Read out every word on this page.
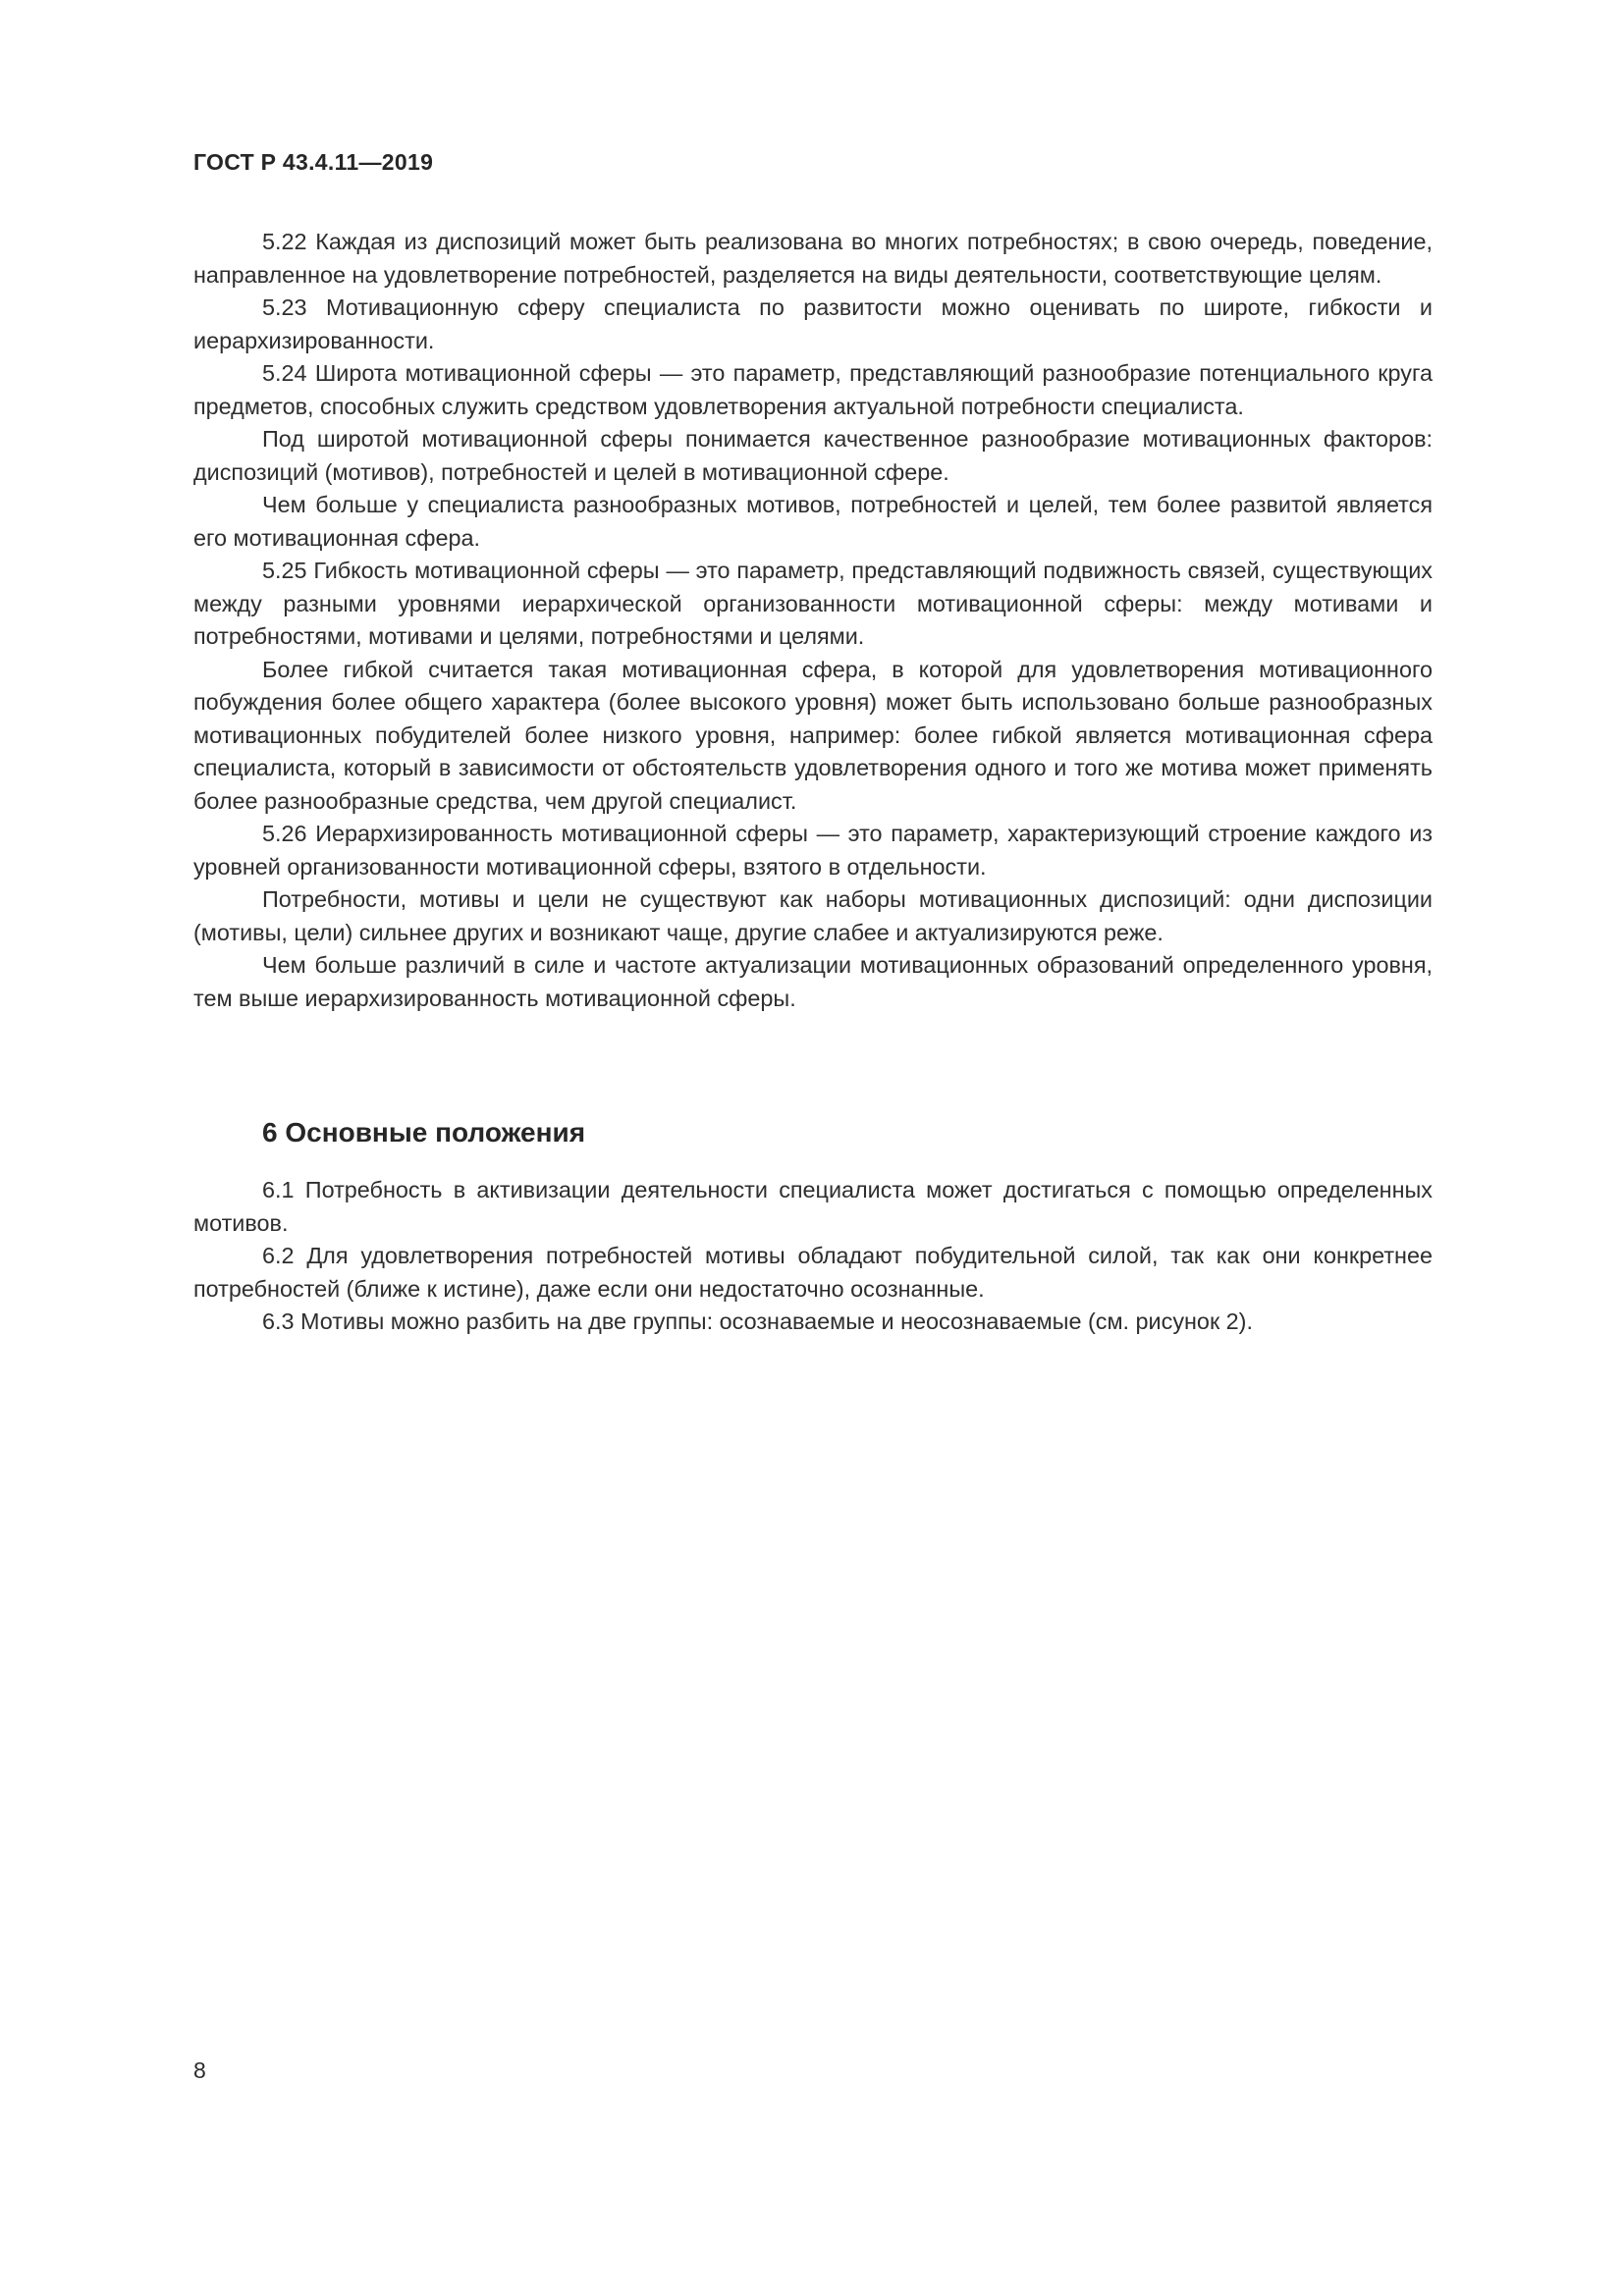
ГОСТ Р 43.4.11—2019

5.22 Каждая из диспозиций может быть реализована во многих потребностях; в свою очередь, поведение, направленное на удовлетворение потребностей, разделяется на виды деятельности, соответствующие целям.

5.23 Мотивационную сферу специалиста по развитости можно оценивать по широте, гибкости и иерархизированности.

5.24 Широта мотивационной сферы — это параметр, представляющий разнообразие потенциального круга предметов, способных служить средством удовлетворения актуальной потребности специалиста.

Под широтой мотивационной сферы понимается качественное разнообразие мотивационных факторов: диспозиций (мотивов), потребностей и целей в мотивационной сфере.

Чем больше у специалиста разнообразных мотивов, потребностей и целей, тем более развитой является его мотивационная сфера.

5.25 Гибкость мотивационной сферы — это параметр, представляющий подвижность связей, существующих между разными уровнями иерархической организованности мотивационной сферы: между мотивами и потребностями, мотивами и целями, потребностями и целями.

Более гибкой считается такая мотивационная сфера, в которой для удовлетворения мотивационного побуждения более общего характера (более высокого уровня) может быть использовано больше разнообразных мотивационных побудителей более низкого уровня, например: более гибкой является мотивационная сфера специалиста, который в зависимости от обстоятельств удовлетворения одного и того же мотива может применять более разнообразные средства, чем другой специалист.

5.26 Иерархизированность мотивационной сферы — это параметр, характеризующий строение каждого из уровней организованности мотивационной сферы, взятого в отдельности.

Потребности, мотивы и цели не существуют как наборы мотивационных диспозиций: одни диспозиции (мотивы, цели) сильнее других и возникают чаще, другие слабее и актуализируются реже.

Чем больше различий в силе и частоте актуализации мотивационных образований определенного уровня, тем выше иерархизированность мотивационной сферы.

6 Основные положения

6.1 Потребность в активизации деятельности специалиста может достигаться с помощью определенных мотивов.

6.2 Для удовлетворения потребностей мотивы обладают побудительной силой, так как они конкретнее потребностей (ближе к истине), даже если они недостаточно осознанные.

6.3 Мотивы можно разбить на две группы: осознаваемые и неосознаваемые (см. рисунок 2).

8
